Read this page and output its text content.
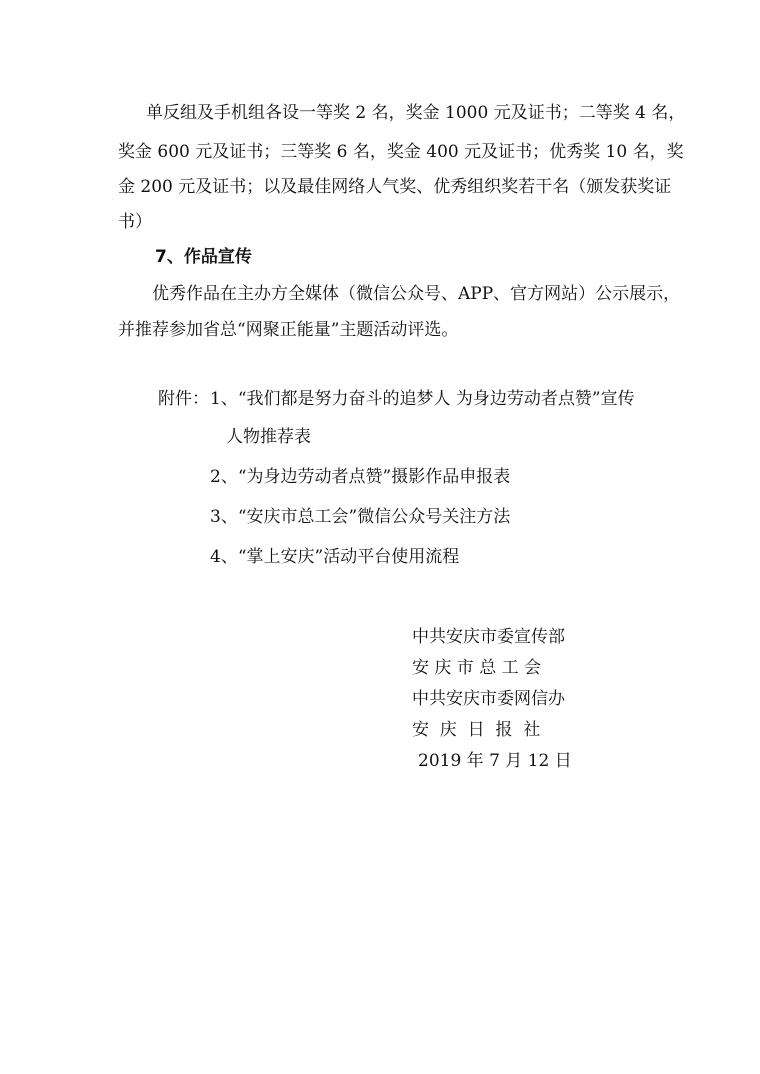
单反组及手机组各设一等奖 2 名，奖金 1000 元及证书；二等奖 4 名，
奖金 600 元及证书；三等奖 6 名，奖金 400 元及证书；优秀奖 10 名，奖
金 200 元及证书；以及最佳网络人气奖、优秀组织奖若干名（颁发获奖证
书）
7、作品宣传
优秀作品在主办方全媒体（微信公众号、APP、官方网站）公示展示，
并推荐参加省总“网聚正能量”主题活动评选。
附件： 1、“我们都是努力奋斗的追梦人 为身边劳动者点赞”宣传
人物推荐表
2、“为身边劳动者点赞”摄影作品申报表
3、“安庆市总工会”微信公众号关注方法
4、“掌上安庆”活动平台使用流程
中共安庆市委宣传部
安 庆 市 总 工 会
中共安庆市委网信办
安  庆  日  报  社
2019 年 7 月 12 日
